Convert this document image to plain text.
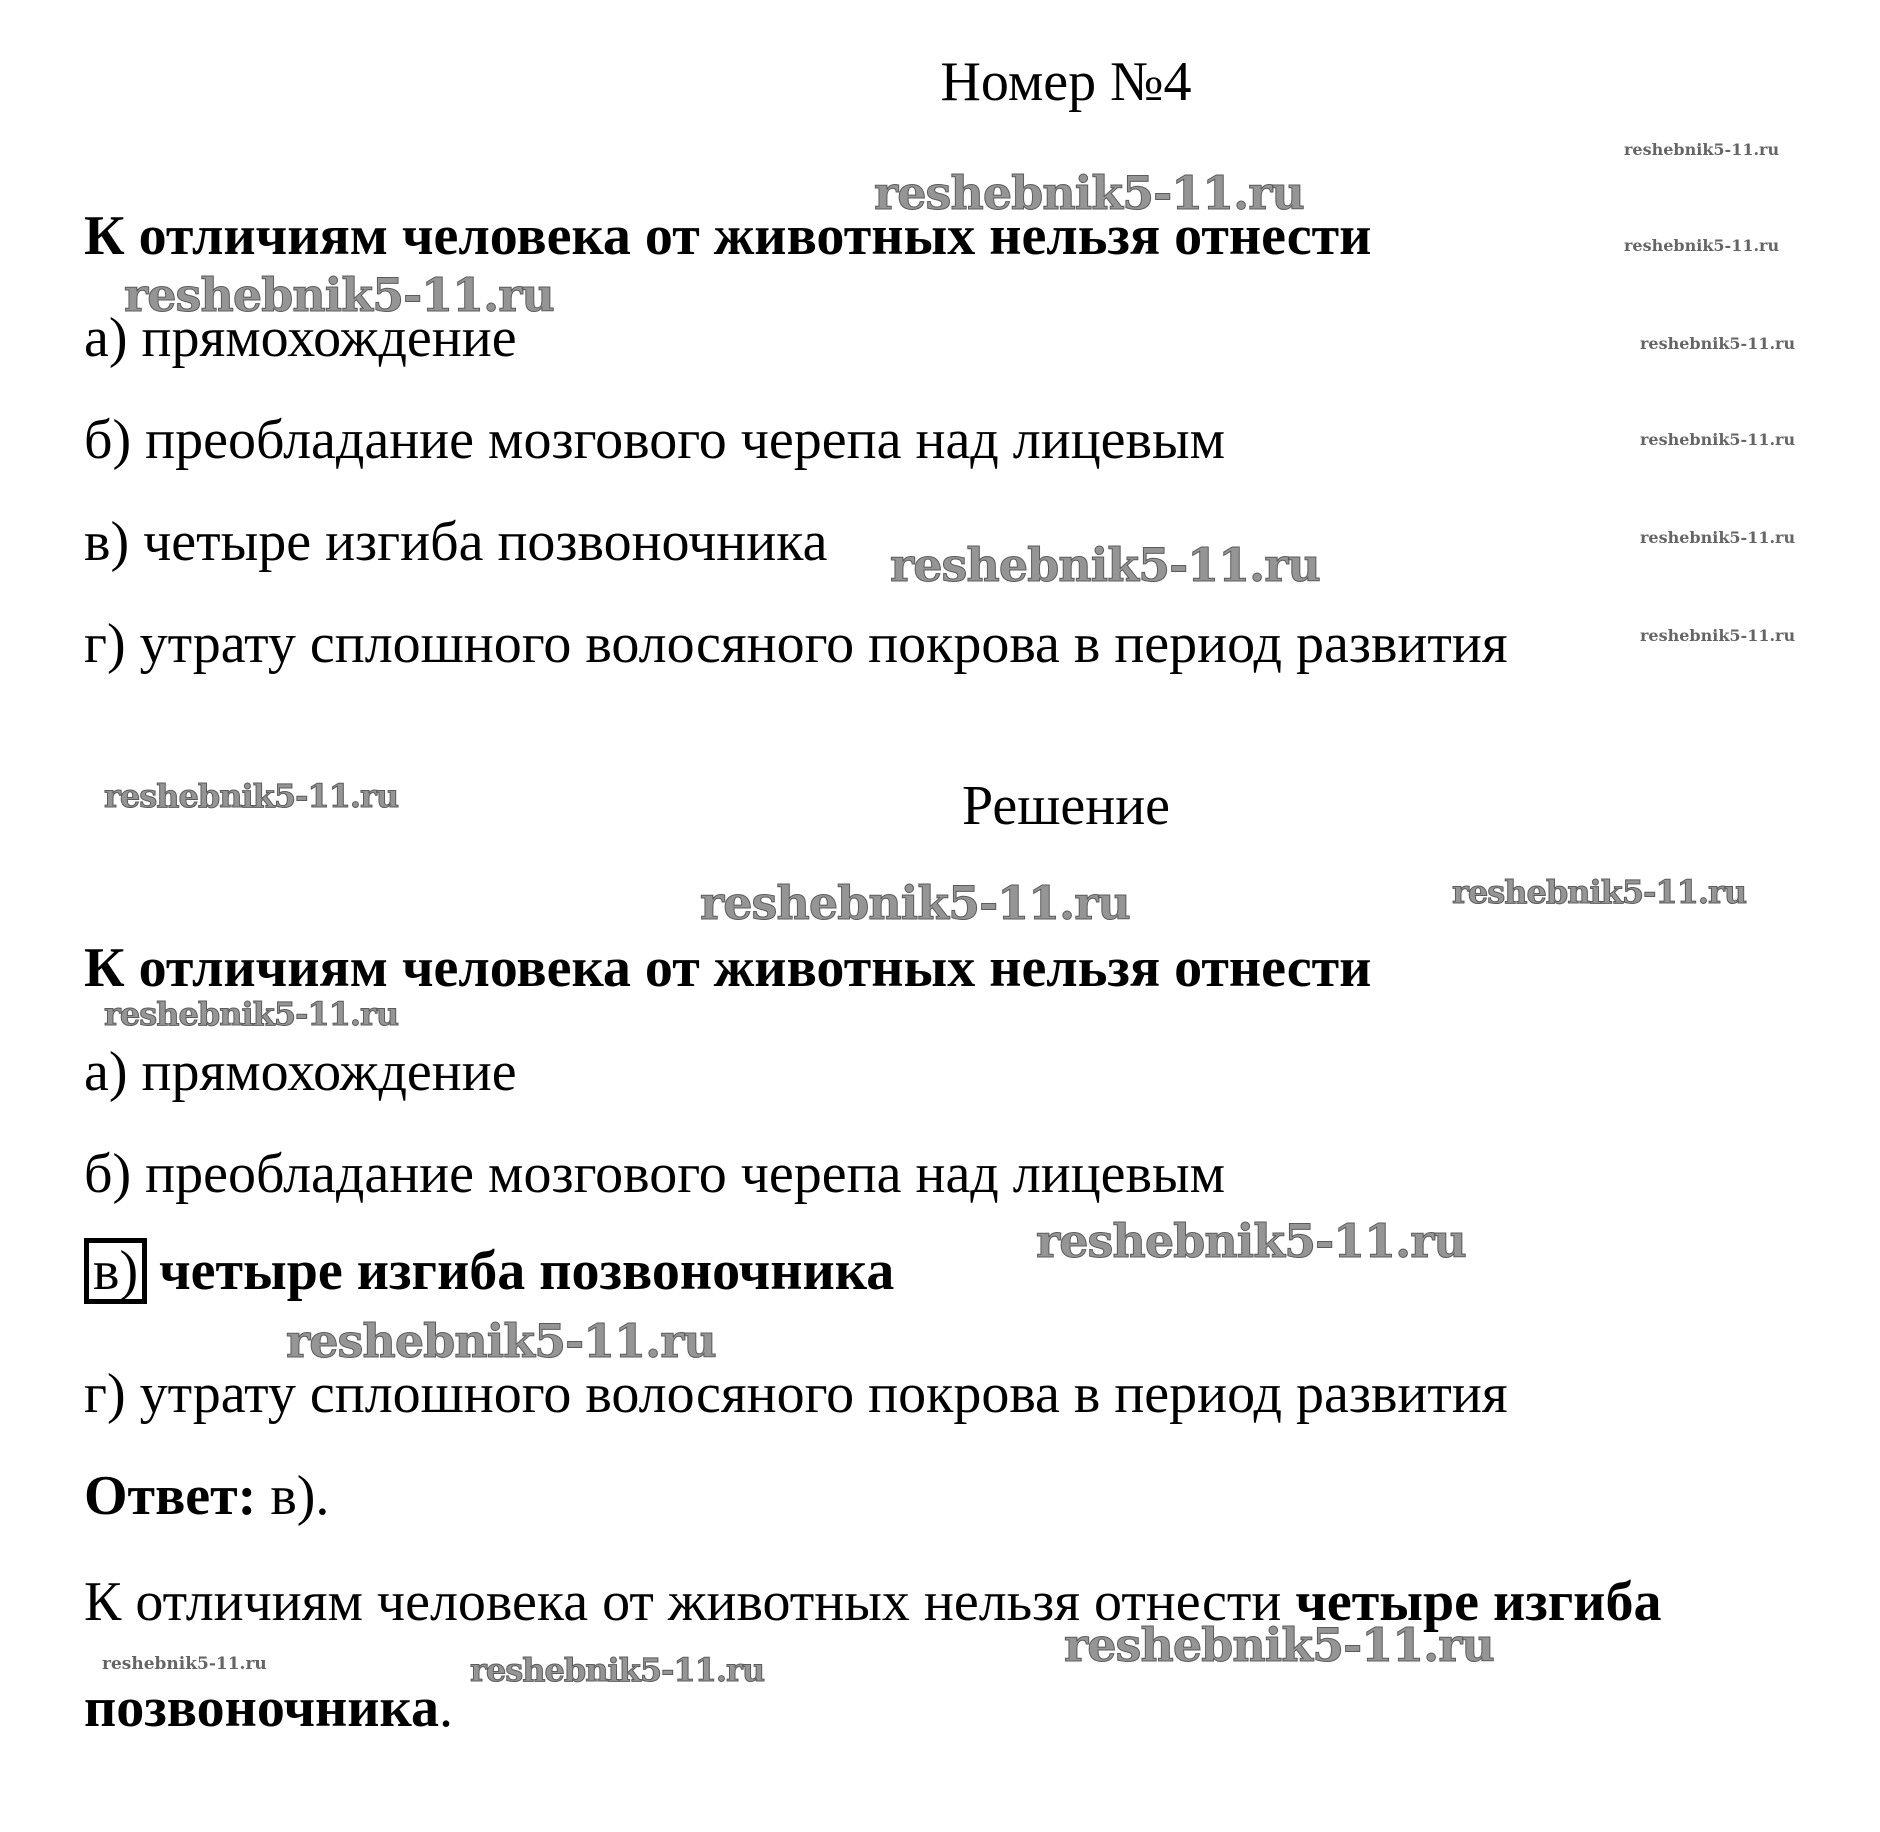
Номер №4
К отличиям человека от животных нельзя отнести
а) прямохождение
б) преобладание мозгового черепа над лицевым
в) четыре изгиба позвоночника
г) утрату сплошного волосяного покрова в период развития
Решение
К отличиям человека от животных нельзя отнести
а) прямохождение
б) преобладание мозгового черепа над лицевым
в) четыре изгиба позвоночника
г) утрату сплошного волосяного покрова в период развития
Ответ: в).
К отличиям человека от животных нельзя отнести четыре изгиба
позвоночника.
reshebnik5-11.ru
reshebnik5-11.ru
reshebnik5-11.ru
reshebnik5-11.ru
reshebnik5-11.ru	reshebnik5-11.ru
reshebnik5-11.ru
reshebnik5-11.ru
reshebnik5-11.ru
reshebnik5-11.ru
reshebnik5-11.ru
reshebnik5-11.ru
reshebnik5-11.ru
reshebnik5-11.ru
reshebnik5-11.ru
reshebnik5-11.ru
reshebnik5-11.ru
reshebnik5-11.ru
